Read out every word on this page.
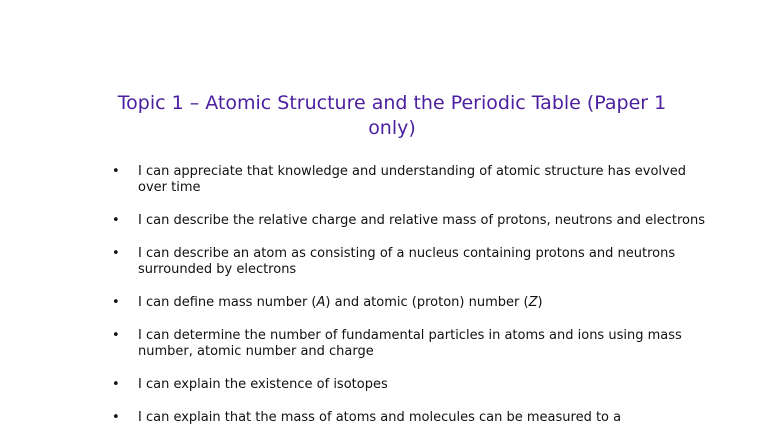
Topic 1 – Atomic Structure and the Periodic Table (Paper 1 only)
• I can appreciate that knowledge and understanding of atomic structure has evolved over time
• I can describe the relative charge and relative mass of protons, neutrons and electrons
• I can describe an atom as consisting of a nucleus containing protons and neutrons surrounded by electrons
• I can define mass number (A) and atomic (proton) number (Z)
• I can determine the number of fundamental particles in atoms and ions using mass number, atomic number and charge
• I can explain the existence of isotopes
• I can explain that the mass of atoms and molecules can be measured to a
